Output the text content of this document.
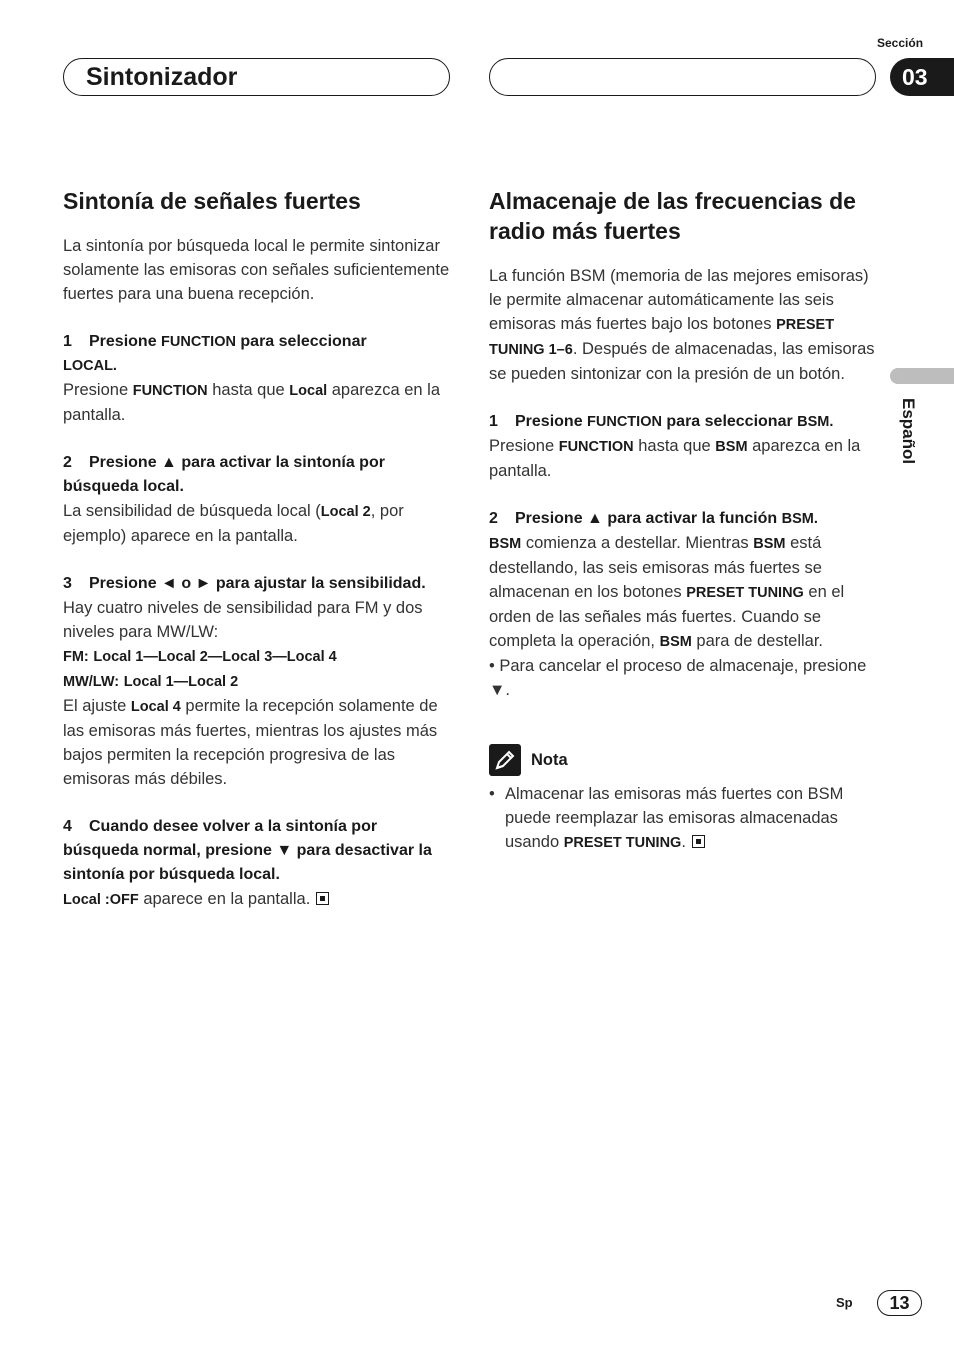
Sección
Sintonizador	03
Español
Sintonía de señales fuertes

La sintonía por búsqueda local le permite sintonizar solamente las emisoras con señales suficientemente fuertes para una buena recepción.

1 Presione FUNCTION para seleccionar

LOCAL.

Presione FUNCTION hasta que Local aparezca en la pantalla.

2 Presione ▲ para activar la sintonía por búsqueda local.

La sensibilidad de búsqueda local (Local 2, por ejemplo) aparece en la pantalla.

3 Presione ◄ o ► para ajustar la sensibilidad.

Hay cuatro niveles de sensibilidad para FM y dos niveles para MW/LW:

FM: Local 1—Local 2—Local 3—Local 4

MW/LW: Local 1—Local 2

El ajuste Local 4 permite la recepción solamente de las emisoras más fuertes, mientras los ajustes más bajos permiten la recepción progresiva de las emisoras más débiles.

4 Cuando desee volver a la sintonía por búsqueda normal, presione ▼ para desactivar la sintonía por búsqueda local.

Local :OFF aparece en la pantalla.

Almacenaje de las frecuencias de radio más fuertes

La función BSM (memoria de las mejores emisoras) le permite almacenar automáticamente las seis emisoras más fuertes bajo los botones PRESET TUNING 1–6. Después de almacenadas, las emisoras se pueden sintonizar con la presión de un botón.

1 Presione FUNCTION para seleccionar BSM.

Presione FUNCTION hasta que BSM aparezca en la pantalla.

2 Presione ▲ para activar la función BSM.

BSM comienza a destellar. Mientras BSM está destellando, las seis emisoras más fuertes se almacenan en los botones PRESET TUNING en el orden de las señales más fuertes. Cuando se completa la operación, BSM para de destellar.

• Para cancelar el proceso de almacenaje, presione ▼.

Nota
• Almacenar las emisoras más fuertes con BSM puede reemplazar las emisoras almacenadas usando PRESET TUNING.

Sp	13
